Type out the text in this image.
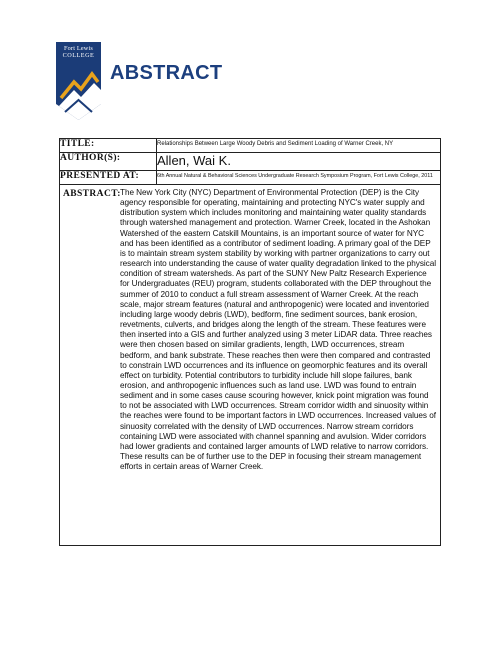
Fort Lewis
COLLEGE
ABSTRACT
TITLE:	Relationships Between Large Woody Debris and Sediment Loading of Warner Creek, NY
AUTHOR(S):	Allen, Wai K.
PRESENTED AT:	6th Annual Natural & Behavioral Sciences Undergraduate Research Symposium Program, Fort Lewis College, 2011
ABSTRACT: The New York City (NYC) Department of Environmental Protection (DEP) is the City agency responsible for operating, maintaining and protecting NYC's water supply and distribution system which includes monitoring and maintaining water quality standards through watershed management and protection. Warner Creek, located in the Ashokan Watershed of the eastern Catskill Mountains, is an important source of water for NYC and has been identified as a contributor of sediment loading. A primary goal of the DEP is to maintain stream system stability by working with partner organizations to carry out research into understanding the cause of water quality degradation linked to the physical condition of stream watersheds. As part of the SUNY New Paltz Research Experience for Undergraduates (REU) program, students collaborated with the DEP throughout the summer of 2010 to conduct a full stream assessment of Warner Creek. At the reach scale, major stream features (natural and anthropogenic) were located and inventoried including large woody debris (LWD), bedform, fine sediment sources, bank erosion, revetments, culverts, and bridges along the length of the stream. These features were then inserted into a GIS and further analyzed using 3 meter LiDAR data. Three reaches were then chosen based on similar gradients, length, LWD occurrences, stream bedform, and bank substrate. These reaches then were then compared and contrasted to constrain LWD occurrences and its influence on geomorphic features and its overall effect on turbidity. Potential contributors to turbidity include hill slope failures, bank erosion, and anthropogenic influences such as land use. LWD was found to entrain sediment and in some cases cause scouring however, knick point migration was found to not be associated with LWD occurrences. Stream corridor width and sinuosity within the reaches were found to be important factors in LWD occurrences. Increased values of sinuosity correlated with the density of LWD occurrences. Narrow stream corridors containing LWD were associated with channel spanning and avulsion. Wider corridors had lower gradients and contained larger amounts of LWD relative to narrow corridors. These results can be of further use to the DEP in focusing their stream management efforts in certain areas of Warner Creek.
